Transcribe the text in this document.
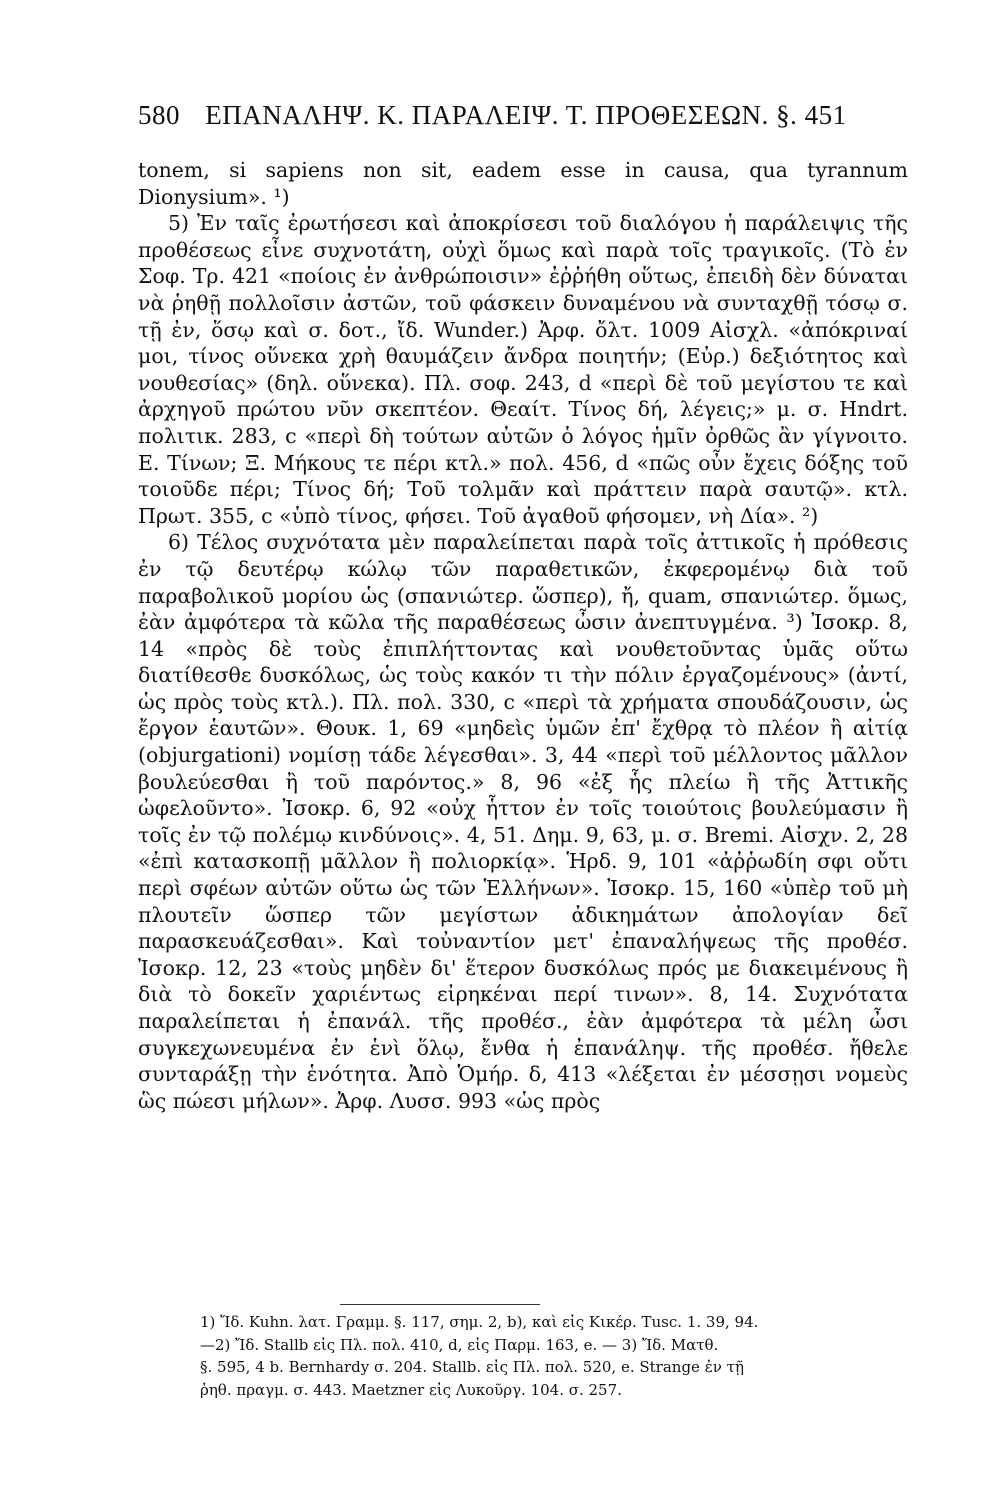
580 ΕΠΑΝΑΛΗΨ. Κ. ΠΑΡΑΛΕΙΨ. Τ. ΠΡΟΘΕΣΕΩΝ. §. 451

tonem, si sapiens non sit, eadem esse in causa, qua tyrannum Dionysium». ¹)

5) Ἐν ταῖς ἐρωτήσεσι καὶ ἀποκρίσεσι τοῦ διαλόγου ἡ παράλειψις τῆς προθέσεως εἶνε συχνοτάτη, οὐχὶ ὅμως καὶ παρὰ τοῖς τραγικοῖς. (Τὸ ἐν Σοφ. Τρ. 421 «ποίοις ἐν ἀνθρώποισιν» ἐῤῥήθη οὕτως, ἐπειδὴ δὲν δύναται νὰ ῥηθῇ πολλοῖσιν ἀστῶν, τοῦ φάσκειν δυναμένου νὰ συνταχθῇ τόσῳ σ. τῇ ἐν, ὅσῳ καὶ σ. δοτ., ἴδ. Wunder.) Ἀρφ. ὄλτ. 1009 Αἰσχλ. «ἀπόκριναί μοι, τίνος οὕνεκα χρὴ θαυμάζειν ἄνδρα ποιητήν; (Εὐρ.) δεξιότητος καὶ νουθεσίας» (δηλ. οὕνεκα). Πλ. σοφ. 243, d «περὶ δὲ τοῦ μεγίστου τε καὶ ἀρχηγοῦ πρώτου νῦν σκεπτέον. Θεαίτ. Τίνος δή, λέγεις;» μ. σ. Hndrt. πολιτικ. 283, c «περὶ δὴ τούτων αὐτῶν ὁ λόγος ἡμῖν ὀρθῶς ἂν γίγνοιτο. Ε. Τίνων; Ξ. Μήκους τε πέρι κτλ.» πολ. 456, d «πῶς οὖν ἔχεις δόξης τοῦ τοιοῦδε πέρι; Τίνος δή; Τοῦ τολμᾶν καὶ πράττειν παρὰ σαυτῷ». κτλ. Πρωτ. 355, c «ὑπὸ τίνος, φήσει. Τοῦ ἀγαθοῦ φήσομεν, νὴ Δία». ²)

6) Τέλος συχνότατα μὲν παραλείπεται παρὰ τοῖς ἀττικοῖς ἡ πρόθεσις ἐν τῷ δευτέρῳ κώλῳ τῶν παραθετικῶν, ἐκφερομένῳ διὰ τοῦ παραβολικοῦ μορίου ὡς (σπανιώτερ. ὥσπερ), ἤ, quam, σπανιώτερ. ὅμως, ἐὰν ἀμφότερα τὰ κῶλα τῆς παραθέσεως ὦσιν ἀνεπτυγμένα. ³) Ἰσοκρ. 8, 14 «πρὸς δὲ τοὺς ἐπιπλήττοντας καὶ νουθετοῦντας ὑμᾶς οὕτω διατίθεσθε δυσκόλως, ὡς τοὺς κακόν τι τὴν πόλιν ἐργαζομένους» (ἀντί, ὡς πρὸς τοὺς κτλ.). Πλ. πολ. 330, c «περὶ τὰ χρήματα σπουδάζουσιν, ὡς ἔργον ἑαυτῶν». Θουκ. 1, 69 «μηδεὶς ὑμῶν ἐπ' ἔχθρᾳ τὸ πλέον ἢ αἰτίᾳ (objurgationi) νομίσῃ τάδε λέγεσθαι». 3, 44 «περὶ τοῦ μέλλοντος μᾶλλον βουλεύεσθαι ἢ τοῦ παρόντος.» 8, 96 «ἐξ ἧς πλείω ἢ τῆς Ἀττικῆς ὠφελοῦντο». Ἰσοκρ. 6, 92 «οὐχ ἧττον ἐν τοῖς τοιούτοις βουλεύμασιν ἢ τοῖς ἐν τῷ πολέμῳ κινδύνοις». 4, 51. Δημ. 9, 63, μ. σ. Bremi. Αἰσχν. 2, 28 «ἐπὶ κατασκοπῇ μᾶλλον ἢ πολιορκίᾳ». Ἡρδ. 9, 101 «ἀῤῥωδίη σφι οὔτι περὶ σφέων αὐτῶν οὕτω ὡς τῶν Ἑλλήνων». Ἰσοκρ. 15, 160 «ὑπὲρ τοῦ μὴ πλουτεῖν ὥσπερ τῶν μεγίστων ἀδικημάτων ἀπολογίαν δεῖ παρασκευάζεσθαι». Καὶ τοὐναντίον μετ' ἐπαναλήψεως τῆς προθέσ. Ἰσοκρ. 12, 23 «τοὺς μηδὲν δι' ἕτερον δυσκόλως πρός με διακειμένους ἢ διὰ τὸ δοκεῖν χαριέντως εἰρηκέναι περί τινων». 8, 14. Συχνότατα παραλείπεται ἡ ἐπανάλ. τῆς προθέσ., ἐὰν ἀμφότερα τὰ μέλη ὦσι συγκεχωνευμένα ἐν ἑνὶ ὅλῳ, ἔνθα ἡ ἐπανάληψ. τῆς προθέσ. ἤθελε συνταράξῃ τὴν ἑνότητα. Ἀπὸ Ὁμήρ. δ, 413 «λέξεται ἐν μέσσῃσι νομεὺς ὣς πώεσι μήλων». Ἀρφ. Λυσσ. 993 «ὡς πρὸς

1) Ἴδ. Kuhn. λατ. Γραμμ. §. 117, σημ. 2, b), καὶ εἰς Κικέρ. Tusc. 1. 39, 94.

—2) Ἴδ. Stallb εἰς Πλ. πολ. 410, d, εἰς Παρμ. 163, e. — 3) Ἴδ. Ματθ.

§. 595, 4 b. Bernhardy σ. 204. Stallb. εἰς Πλ. πολ. 520, e. Strange ἐν τῇ

ῥηθ. πραγμ. σ. 443. Maetzner εἰς Λυκοῦργ. 104. σ. 257.
